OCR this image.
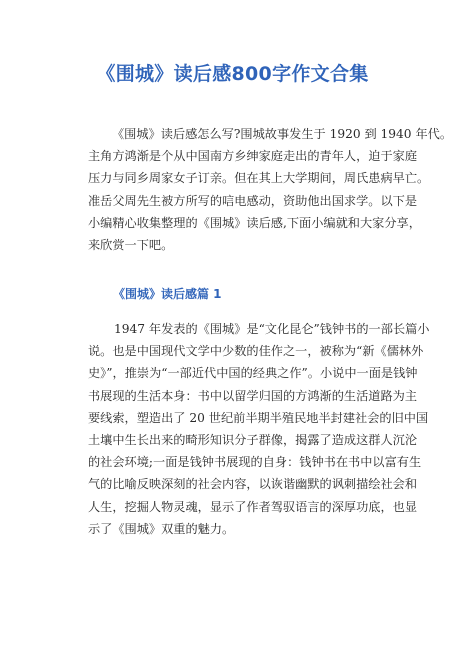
《围城》读后感800字作文合集
《围城》读后感怎么写?围城故事发生于 1920 到 1940 年代。
主角方鸿渐是个从中国南方乡绅家庭走出的青年人，迫于家庭
压力与同乡周家女子订亲。但在其上大学期间，周氏患病早亡。
准岳父周先生被方所写的唁电感动，资助他出国求学。以下是
小编精心收集整理的《围城》读后感,下面小编就和大家分享，
来欣赏一下吧。
《围城》读后感篇 1
1947 年发表的《围城》是“文化昆仑”钱钟书的一部长篇小
说。也是中国现代文学中少数的佳作之一，被称为“新《儒林外
史》”，推崇为“一部近代中国的经典之作”。小说中一面是钱钟
书展现的生活本身：书中以留学归国的方鸿渐的生活道路为主
要线索，塑造出了 20 世纪前半期半殖民地半封建社会的旧中国
土壤中生长出来的畸形知识分子群像，揭露了造成这群人沉沦
的社会环境;一面是钱钟书展现的自身：钱钟书在书中以富有生
气的比喻反映深刻的社会内容，以诙谐幽默的讽刺描绘社会和
人生，挖掘人物灵魂，显示了作者驾驭语言的深厚功底，也显
示了《围城》双重的魅力。
